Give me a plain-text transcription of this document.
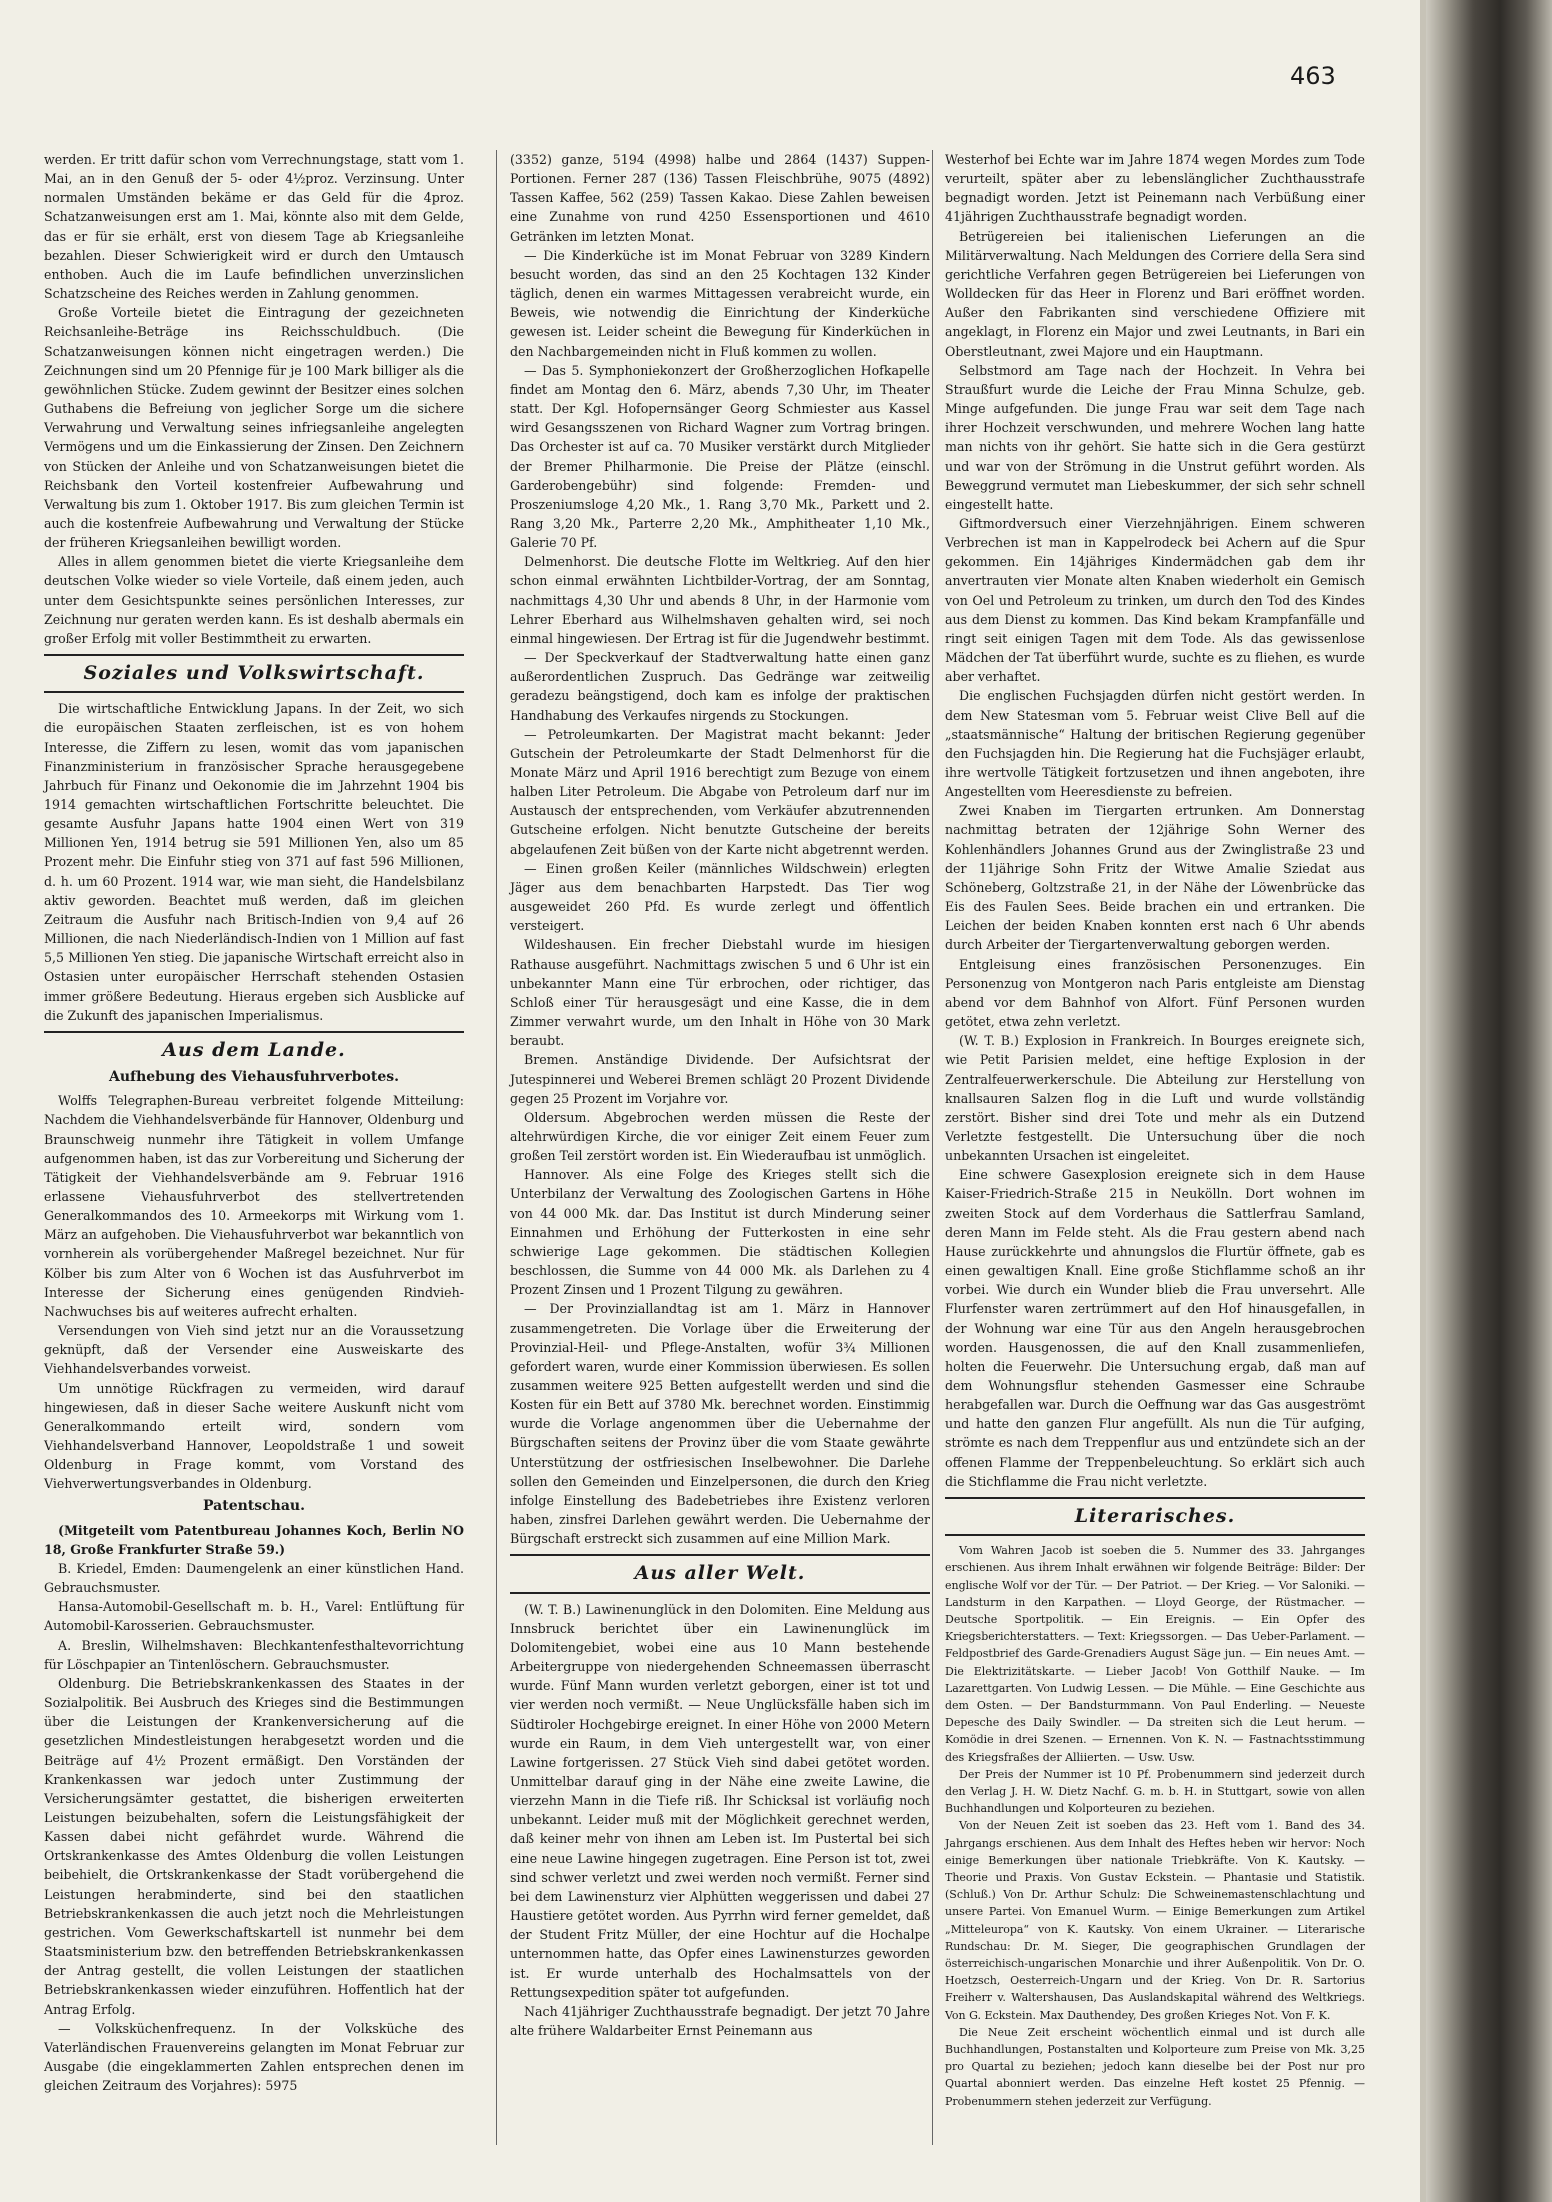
463

werden. Er tritt dafür schon vom Verrechnungstage, statt vom 1. Mai, an in den Genuß der 5- oder 4½proz. Verzinsung. Unter normalen Umständen bekäme er das Geld für die 4proz. Schatzanweisungen erst am 1. Mai, könnte also mit dem Gelde, das er für sie erhält, erst von diesem Tage ab Kriegsanleihe bezahlen. Dieser Schwierigkeit wird er durch den Umtausch enthoben. Auch die im Laufe befindlichen unverzinslichen Schatzscheine des Reiches werden in Zahlung genommen.

Große Vorteile bietet die Eintragung der gezeichneten Reichsanleihe-Beträge ins Reichsschuldbuch. (Die Schatzanweisungen können nicht eingetragen werden.) Die Zeichnungen sind um 20 Pfennige für je 100 Mark billiger als die gewöhnlichen Stücke. Zudem gewinnt der Besitzer eines solchen Guthabens die Befreiung von jeglicher Sorge um die sichere Verwahrung und Verwaltung seines infriegsanleihe angelegten Vermögens und um die Einkassierung der Zinsen. Den Zeichnern von Stücken der Anleihe und von Schatzanweisungen bietet die Reichsbank den Vorteil kostenfreier Aufbewahrung und Verwaltung bis zum 1. Oktober 1917. Bis zum gleichen Termin ist auch die kostenfreie Aufbewahrung und Verwaltung der Stücke der früheren Kriegsanleihen bewilligt worden.

Alles in allem genommen bietet die vierte Kriegsanleihe dem deutschen Volke wieder so viele Vorteile, daß einem jeden, auch unter dem Gesichtspunkte seines persönlichen Interesses, zur Zeichnung nur geraten werden kann. Es ist deshalb abermals ein großer Erfolg mit voller Bestimmtheit zu erwarten.

Soziales und Volkswirtschaft.

Die wirtschaftliche Entwicklung Japans. In der Zeit, wo sich die europäischen Staaten zerfleischen, ist es von hohem Interesse, die Ziffern zu lesen, womit das vom japanischen Finanzministerium in französischer Sprache herausgegebene Jahrbuch für Finanz und Oekonomie die im Jahrzehnt 1904 bis 1914 gemachten wirtschaftlichen Fortschritte beleuchtet. Die gesamte Ausfuhr Japans hatte 1904 einen Wert von 319 Millionen Yen, 1914 betrug sie 591 Millionen Yen, also um 85 Prozent mehr. Die Einfuhr stieg von 371 auf fast 596 Millionen, d. h. um 60 Prozent. 1914 war, wie man sieht, die Handelsbilanz aktiv geworden. Beachtet muß werden, daß im gleichen Zeitraum die Ausfuhr nach Britisch-Indien von 9,4 auf 26 Millionen, die nach Niederländisch-Indien von 1 Million auf fast 5,5 Millionen Yen stieg. Die japanische Wirtschaft erreicht also in Ostasien unter europäischer Herrschaft stehenden Ostasien immer größere Bedeutung. Hieraus ergeben sich Ausblicke auf die Zukunft des japanischen Imperialismus.

Aus dem Lande.
Aufhebung des Viehausfuhrverbotes.

Wolffs Telegraphen-Bureau verbreitet folgende Mitteilung: Nachdem die Viehhandelsverbände für Hannover, Oldenburg und Braunschweig nunmehr ihre Tätigkeit in vollem Umfange aufgenommen haben, ist das zur Vorbereitung und Sicherung der Tätigkeit der Viehhandelsverbände am 9. Februar 1916 erlassene Viehausfuhrverbot des stellvertretenden Generalkommandos des 10. Armeekorps mit Wirkung vom 1. März an aufgehoben. Die Viehausfuhrverbot war bekanntlich von vornherein als vorübergehender Maßregel bezeichnet. Nur für Kölber bis zum Alter von 6 Wochen ist das Ausfuhrverbot im Interesse der Sicherung eines genügenden Rindvieh-Nachwuchses bis auf weiteres aufrecht erhalten.

Versendungen von Vieh sind jetzt nur an die Voraussetzung geknüpft, daß der Versender eine Ausweiskarte des Viehhandelsverbandes vorweist.

Um unnötige Rückfragen zu vermeiden, wird darauf hingewiesen, daß in dieser Sache weitere Auskunft nicht vom Generalkommando erteilt wird, sondern vom Viehhandelsverband Hannover, Leopoldstraße 1 und soweit Oldenburg in Frage kommt, vom Vorstand des Viehverwertungsverbandes in Oldenburg.

Patentschau.

(Mitgeteilt vom Patentbureau Johannes Koch, Berlin NO 18, Große Frankfurter Straße 59.)

B. Kriedel, Emden: Daumengelenk an einer künstlichen Hand. Gebrauchsmuster.

Hansa-Automobil-Gesellschaft m. b. H., Varel: Entlüftung für Automobil-Karosserien. Gebrauchsmuster.

A. Breslin, Wilhelmshaven: Blechkantenfesthaltevorrichtung für Löschpapier an Tintenlöschern. Gebrauchsmuster.

Oldenburg. Die Betriebskrankenkassen des Staates in der Sozialpolitik. Bei Ausbruch des Krieges sind die Bestimmungen über die Leistungen der Krankenversicherung auf die gesetzlichen Mindestleistungen herabgesetzt worden und die Beiträge auf 4½ Prozent ermäßigt. Den Vorständen der Krankenkassen war jedoch unter Zustimmung der Versicherungsämter gestattet, die bisherigen erweiterten Leistungen beizubehalten, sofern die Leistungsfähigkeit der Kassen dabei nicht gefährdet wurde. Während die Ortskrankenkasse des Amtes Oldenburg die vollen Leistungen beibehielt, die Ortskrankenkasse der Stadt vorübergehend die Leistungen herabminderte, sind bei den staatlichen Betriebskrankenkassen die auch jetzt noch die Mehrleistungen gestrichen. Vom Gewerkschaftskartell ist nunmehr bei dem Staatsministerium bzw. den betreffenden Betriebskrankenkassen der Antrag gestellt, die vollen Leistungen der staatlichen Betriebskrankenkassen wieder einzuführen. Hoffentlich hat der Antrag Erfolg.

— Volksküchenfrequenz. In der Volksküche des Vaterländischen Frauenvereins gelangten im Monat Februar zur Ausgabe (die eingeklammerten Zahlen entsprechen denen im gleichen Zeitraum des Vorjahres): 5975

(3352) ganze, 5194 (4998) halbe und 2864 (1437) Suppen-Portionen. Ferner 287 (136) Tassen Fleischbrühe, 9075 (4892) Tassen Kaffee, 562 (259) Tassen Kakao. Diese Zahlen beweisen eine Zunahme von rund 4250 Essensportionen und 4610 Getränken im letzten Monat.

— Die Kinderküche ist im Monat Februar von 3289 Kindern besucht worden, das sind an den 25 Kochtagen 132 Kinder täglich, denen ein warmes Mittagessen verabreicht wurde, ein Beweis, wie notwendig die Einrichtung der Kinderküche gewesen ist. Leider scheint die Bewegung für Kinderküchen in den Nachbargemeinden nicht in Fluß kommen zu wollen.

— Das 5. Symphoniekonzert der Großherzoglichen Hofkapelle findet am Montag den 6. März, abends 7,30 Uhr, im Theater statt. Der Kgl. Hofopernsänger Georg Schmiester aus Kassel wird Gesangsszenen von Richard Wagner zum Vortrag bringen. Das Orchester ist auf ca. 70 Musiker verstärkt durch Mitglieder der Bremer Philharmonie. Die Preise der Plätze (einschl. Garderobengebühr) sind folgende: Fremden- und Proszeniumsloge 4,20 Mk., 1. Rang 3,70 Mk., Parkett und 2. Rang 3,20 Mk., Parterre 2,20 Mk., Amphitheater 1,10 Mk., Galerie 70 Pf.

Delmenhorst. Die deutsche Flotte im Weltkrieg. Auf den hier schon einmal erwähnten Lichtbilder-Vortrag, der am Sonntag, nachmittags 4,30 Uhr und abends 8 Uhr, in der Harmonie vom Lehrer Eberhard aus Wilhelmshaven gehalten wird, sei noch einmal hingewiesen. Der Ertrag ist für die Jugendwehr bestimmt.

— Der Speckverkauf der Stadtverwaltung hatte einen ganz außerordentlichen Zuspruch. Das Gedränge war zeitweilig geradezu beängstigend, doch kam es infolge der praktischen Handhabung des Verkaufes nirgends zu Stockungen.

— Petroleumkarten. Der Magistrat macht bekannt: Jeder Gutschein der Petroleumkarte der Stadt Delmenhorst für die Monate März und April 1916 berechtigt zum Bezuge von einem halben Liter Petroleum. Die Abgabe von Petroleum darf nur im Austausch der entsprechenden, vom Verkäufer abzutrennenden Gutscheine erfolgen. Nicht benutzte Gutscheine der bereits abgelaufenen Zeit büßen von der Karte nicht abgetrennt werden.

— Einen großen Keiler (männliches Wildschwein) erlegten Jäger aus dem benachbarten Harpstedt. Das Tier wog ausgeweidet 260 Pfd. Es wurde zerlegt und öffentlich versteigert.

Wildeshausen. Ein frecher Diebstahl wurde im hiesigen Rathause ausgeführt. Nachmittags zwischen 5 und 6 Uhr ist ein unbekannter Mann eine Tür erbrochen, oder richtiger, das Schloß einer Tür herausgesägt und eine Kasse, die in dem Zimmer verwahrt wurde, um den Inhalt in Höhe von 30 Mark beraubt.

Bremen. Anständige Dividende. Der Aufsichtsrat der Jutespinnerei und Weberei Bremen schlägt 20 Prozent Dividende gegen 25 Prozent im Vorjahre vor.

Oldersum. Abgebrochen werden müssen die Reste der altehrwürdigen Kirche, die vor einiger Zeit einem Feuer zum großen Teil zerstört worden ist. Ein Wiederaufbau ist unmöglich.

Hannover. Als eine Folge des Krieges stellt sich die Unterbilanz der Verwaltung des Zoologischen Gartens in Höhe von 44 000 Mk. dar. Das Institut ist durch Minderung seiner Einnahmen und Erhöhung der Futterkosten in eine sehr schwierige Lage gekommen. Die städtischen Kollegien beschlossen, die Summe von 44 000 Mk. als Darlehen zu 4 Prozent Zinsen und 1 Prozent Tilgung zu gewähren.

— Der Provinziallandtag ist am 1. März in Hannover zusammengetreten. Die Vorlage über die Erweiterung der Provinzial-Heil- und Pflege-Anstalten, wofür 3¾ Millionen gefordert waren, wurde einer Kommission überwiesen. Es sollen zusammen weitere 925 Betten aufgestellt werden und sind die Kosten für ein Bett auf 3780 Mk. berechnet worden. Einstimmig wurde die Vorlage angenommen über die Uebernahme der Bürgschaften seitens der Provinz über die vom Staate gewährte Unterstützung der ostfriesischen Inselbewohner. Die Darlehe sollen den Gemeinden und Einzelpersonen, die durch den Krieg infolge Einstellung des Badebetriebes ihre Existenz verloren haben, zinsfrei Darlehen gewährt werden. Die Uebernahme der Bürgschaft erstreckt sich zusammen auf eine Million Mark.

Aus aller Welt.

(W. T. B.) Lawinenunglück in den Dolomiten. Eine Meldung aus Innsbruck berichtet über ein Lawinenunglück im Dolomitengebiet, wobei eine aus 10 Mann bestehende Arbeitergruppe von niedergehenden Schneemassen überrascht wurde. Fünf Mann wurden verletzt geborgen, einer ist tot und vier werden noch vermißt. — Neue Unglücksfälle haben sich im Südtiroler Hochgebirge ereignet. In einer Höhe von 2000 Metern wurde ein Raum, in dem Vieh untergestellt war, von einer Lawine fortgerissen. 27 Stück Vieh sind dabei getötet worden. Unmittelbar darauf ging in der Nähe eine zweite Lawine, die vierzehn Mann in die Tiefe riß. Ihr Schicksal ist vorläufig noch unbekannt. Leider muß mit der Möglichkeit gerechnet werden, daß keiner mehr von ihnen am Leben ist. Im Pustertal bei sich eine neue Lawine hingegen zugetragen. Eine Person ist tot, zwei sind schwer verletzt und zwei werden noch vermißt. Ferner sind bei dem Lawinensturz vier Alphütten weggerissen und dabei 27 Haustiere getötet worden. Aus Pyrrhn wird ferner gemeldet, daß der Student Fritz Müller, der eine Hochtur auf die Hochalpe unternommen hatte, das Opfer eines Lawinensturzes geworden ist. Er wurde unterhalb des Hochalmsattels von der Rettungsexpedition später tot aufgefunden.

Nach 41jähriger Zuchthausstrafe begnadigt. Der jetzt 70 Jahre alte frühere Waldarbeiter Ernst Peinemann aus

Westerhof bei Echte war im Jahre 1874 wegen Mordes zum Tode verurteilt, später aber zu lebenslänglicher Zuchthausstrafe begnadigt worden. Jetzt ist Peinemann nach Verbüßung einer 41jährigen Zuchthausstrafe begnadigt worden.

Betrügereien bei italienischen Lieferungen an die Militärverwaltung. Nach Meldungen des Corriere della Sera sind gerichtliche Verfahren gegen Betrügereien bei Lieferungen von Wolldecken für das Heer in Florenz und Bari eröffnet worden. Außer den Fabrikanten sind verschiedene Offiziere mit angeklagt, in Florenz ein Major und zwei Leutnants, in Bari ein Oberstleutnant, zwei Majore und ein Hauptmann.

Selbstmord am Tage nach der Hochzeit. In Vehra bei Straußfurt wurde die Leiche der Frau Minna Schulze, geb. Minge aufgefunden. Die junge Frau war seit dem Tage nach ihrer Hochzeit verschwunden, und mehrere Wochen lang hatte man nichts von ihr gehört. Sie hatte sich in die Gera gestürzt und war von der Strömung in die Unstrut geführt worden. Als Beweggrund vermutet man Liebeskummer, der sich sehr schnell eingestellt hatte.

Giftmordversuch einer Vierzehnjährigen. Einem schweren Verbrechen ist man in Kappelrodeck bei Achern auf die Spur gekommen. Ein 14jähriges Kindermädchen gab dem ihr anvertrauten vier Monate alten Knaben wiederholt ein Gemisch von Oel und Petroleum zu trinken, um durch den Tod des Kindes aus dem Dienst zu kommen. Das Kind bekam Krampfanfälle und ringt seit einigen Tagen mit dem Tode. Als das gewissenlose Mädchen der Tat überführt wurde, suchte es zu fliehen, es wurde aber verhaftet.

Die englischen Fuchsjagden dürfen nicht gestört werden. In dem New Statesman vom 5. Februar weist Clive Bell auf die „staatsmännische“ Haltung der britischen Regierung gegenüber den Fuchsjagden hin. Die Regierung hat die Fuchsjäger erlaubt, ihre wertvolle Tätigkeit fortzusetzen und ihnen angeboten, ihre Angestellten vom Heeresdienste zu befreien.

Zwei Knaben im Tiergarten ertrunken. Am Donnerstag nachmittag betraten der 12jährige Sohn Werner des Kohlenhändlers Johannes Grund aus der Zwinglistraße 23 und der 11jährige Sohn Fritz der Witwe Amalie Sziedat aus Schöneberg, Goltzstraße 21, in der Nähe der Löwenbrücke das Eis des Faulen Sees. Beide brachen ein und ertranken. Die Leichen der beiden Knaben konnten erst nach 6 Uhr abends durch Arbeiter der Tiergartenverwaltung geborgen werden.

Entgleisung eines französischen Personenzuges. Ein Personenzug von Montgeron nach Paris entgleiste am Dienstag abend vor dem Bahnhof von Alfort. Fünf Personen wurden getötet, etwa zehn verletzt.

(W. T. B.) Explosion in Frankreich. In Bourges ereignete sich, wie Petit Parisien meldet, eine heftige Explosion in der Zentralfeuerwerkerschule. Die Abteilung zur Herstellung von knallsauren Salzen flog in die Luft und wurde vollständig zerstört. Bisher sind drei Tote und mehr als ein Dutzend Verletzte festgestellt. Die Untersuchung über die noch unbekannten Ursachen ist eingeleitet.

Eine schwere Gasexplosion ereignete sich in dem Hause Kaiser-Friedrich-Straße 215 in Neukölln. Dort wohnen im zweiten Stock auf dem Vorderhaus die Sattlerfrau Samland, deren Mann im Felde steht. Als die Frau gestern abend nach Hause zurückkehrte und ahnungslos die Flurtür öffnete, gab es einen gewaltigen Knall. Eine große Stichflamme schoß an ihr vorbei. Wie durch ein Wunder blieb die Frau unversehrt. Alle Flurfenster waren zertrümmert auf den Hof hinausgefallen, in der Wohnung war eine Tür aus den Angeln herausgebrochen worden. Hausgenossen, die auf den Knall zusammenliefen, holten die Feuerwehr. Die Untersuchung ergab, daß man auf dem Wohnungsflur stehenden Gasmesser eine Schraube herabgefallen war. Durch die Oeffnung war das Gas ausgeströmt und hatte den ganzen Flur angefüllt. Als nun die Tür aufging, strömte es nach dem Treppenflur aus und entzündete sich an der offenen Flamme der Treppenbeleuchtung. So erklärt sich auch die Stichflamme die Frau nicht verletzte.

Literarisches.

Vom Wahren Jacob ist soeben die 5. Nummer des 33. Jahrganges erschienen. Aus ihrem Inhalt erwähnen wir folgende Beiträge: Bilder: Der englische Wolf vor der Tür. — Der Patriot. — Der Krieg. — Vor Saloniki. — Landsturm in den Karpathen. — Lloyd George, der Rüstmacher. — Deutsche Sportpolitik. — Ein Ereignis. — Ein Opfer des Kriegsberichterstatters. — Text: Kriegssorgen. — Das Ueber-Parlament. — Feldpostbrief des Garde-Grenadiers August Säge jun. — Ein neues Amt. — Die Elektrizitätskarte. — Lieber Jacob! Von Gotthilf Nauke. — Im Lazarettgarten. Von Ludwig Lessen. — Die Mühle. — Eine Geschichte aus dem Osten. — Der Bandsturmmann. Von Paul Enderling. — Neueste Depesche des Daily Swindler. — Da streiten sich die Leut herum. — Komödie in drei Szenen. — Ernennen. Von K. N. — Fastnachtsstimmung des Kriegsfraßes der Alliierten. — Usw. Usw.

Der Preis der Nummer ist 10 Pf. Probenummern sind jederzeit durch den Verlag J. H. W. Dietz Nachf. G. m. b. H. in Stuttgart, sowie von allen Buchhandlungen und Kolporteuren zu beziehen.

Von der Neuen Zeit ist soeben das 23. Heft vom 1. Band des 34. Jahrgangs erschienen. Aus dem Inhalt des Heftes heben wir hervor: Noch einige Bemerkungen über nationale Triebkräfte. Von K. Kautsky. — Theorie und Praxis. Von Gustav Eckstein. — Phantasie und Statistik. (Schluß.) Von Dr. Arthur Schulz: Die Schweinemastenschlachtung und unsere Partei. Von Emanuel Wurm. — Einige Bemerkungen zum Artikel „Mitteleuropa“ von K. Kautsky. Von einem Ukrainer. — Literarische Rundschau: Dr. M. Sieger, Die geographischen Grundlagen der österreichisch-ungarischen Monarchie und ihrer Außenpolitik. Von Dr. O. Hoetzsch, Oesterreich-Ungarn und der Krieg. Von Dr. R. Sartorius Freiherr v. Waltershausen, Das Auslandskapital während des Weltkriegs. Von G. Eckstein. Max Dauthendey, Des großen Krieges Not. Von F. K.

Die Neue Zeit erscheint wöchentlich einmal und ist durch alle Buchhandlungen, Postanstalten und Kolporteure zum Preise von Mk. 3,25 pro Quartal zu beziehen; jedoch kann dieselbe bei der Post nur pro Quartal abonniert werden. Das einzelne Heft kostet 25 Pfennig. — Probenummern stehen jederzeit zur Verfügung.
